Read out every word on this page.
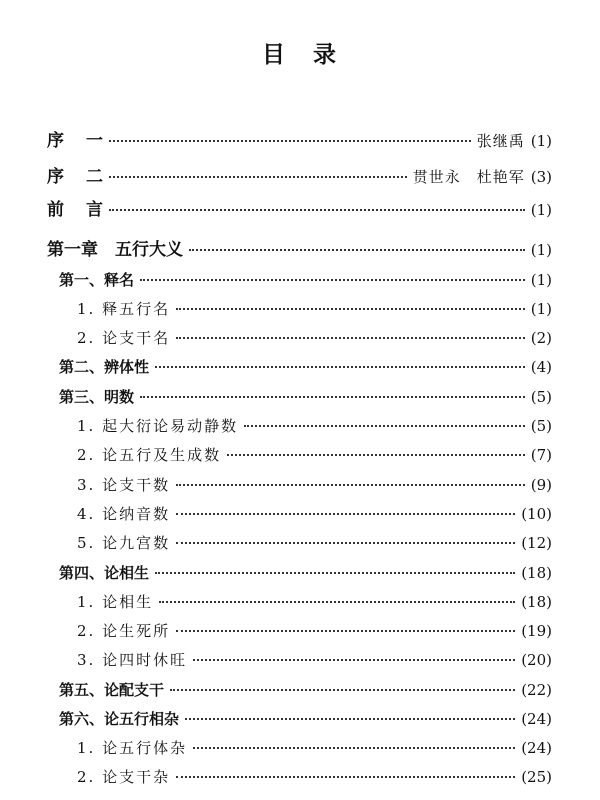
目 录
序 一	张继禹 (1)
序 二	贯世永　杜艳军 (3)
前 言	(1)
第一章　五行大义	(1)
第一、释名	(1)
1. 释五行名	(1)
2. 论支干名	(2)
第二、辨体性	(4)
第三、明数	(5)
1. 起大衍论易动静数	(5)
2. 论五行及生成数	(7)
3. 论支干数	(9)
4. 论纳音数	(10)
5. 论九宫数	(12)
第四、论相生	(18)
1. 论相生	(18)
2. 论生死所	(19)
3. 论四时休旺	(20)
第五、论配支干	(22)
第六、论五行相杂	(24)
1. 论五行体杂	(24)
2. 论支干杂	(25)
